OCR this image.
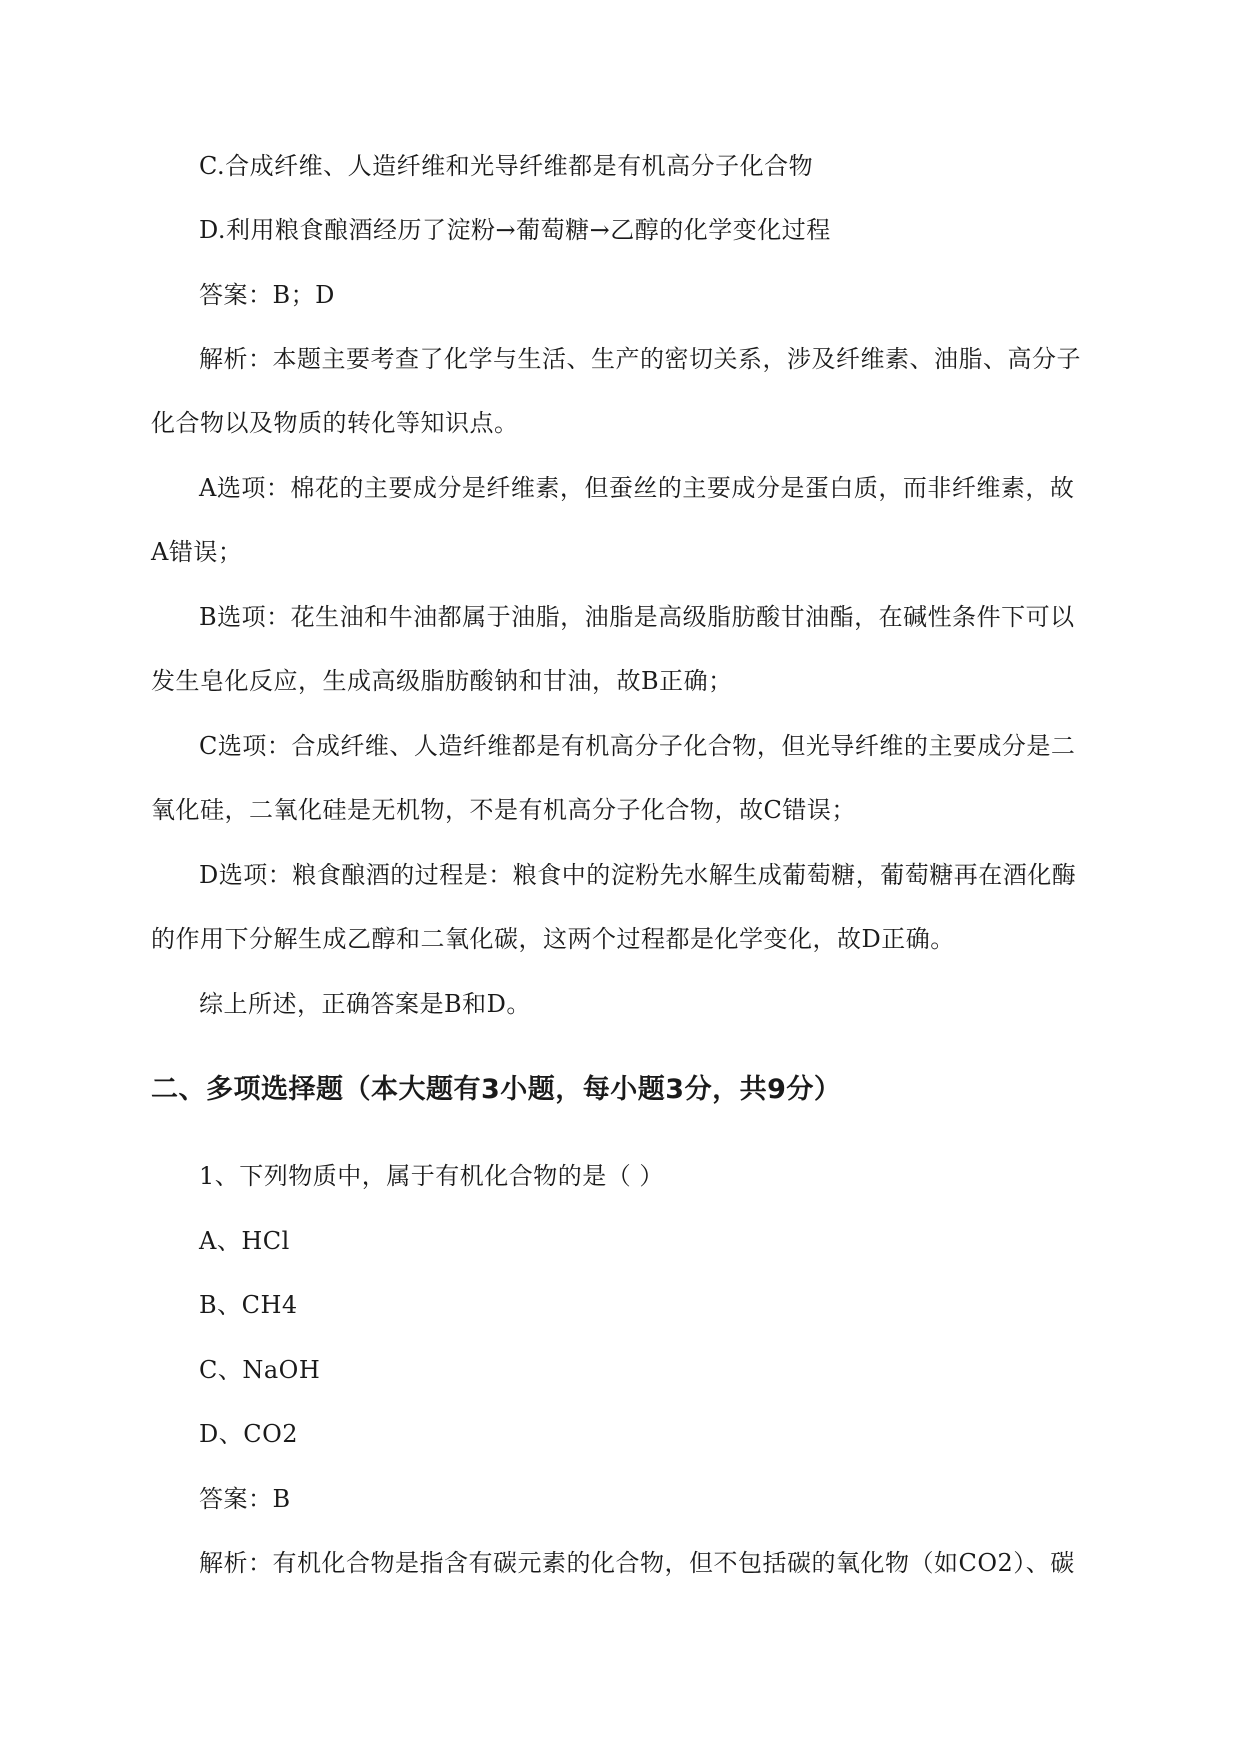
C.合成纤维、人造纤维和光导纤维都是有机高分子化合物
D.利用粮食酿酒经历了淀粉→葡萄糖→乙醇的化学变化过程
答案：B；D
解析：本题主要考查了化学与生活、生产的密切关系，涉及纤维素、油脂、高分子
化合物以及物质的转化等知识点。
A选项：棉花的主要成分是纤维素，但蚕丝的主要成分是蛋白质，而非纤维素，故
A错误；
B选项：花生油和牛油都属于油脂，油脂是高级脂肪酸甘油酯，在碱性条件下可以
发生皂化反应，生成高级脂肪酸钠和甘油，故B正确；
C选项：合成纤维、人造纤维都是有机高分子化合物，但光导纤维的主要成分是二
氧化硅，二氧化硅是无机物，不是有机高分子化合物，故C错误；
D选项：粮食酿酒的过程是：粮食中的淀粉先水解生成葡萄糖，葡萄糖再在酒化酶
的作用下分解生成乙醇和二氧化碳，这两个过程都是化学变化，故D正确。
综上所述，正确答案是B和D。
二、多项选择题（本大题有3小题，每小题3分，共9分）
1、下列物质中，属于有机化合物的是（ ）
A、HCl
B、CH4
C、NaOH
D、CO2
答案：B
解析：有机化合物是指含有碳元素的化合物，但不包括碳的氧化物（如CO2）、碳
